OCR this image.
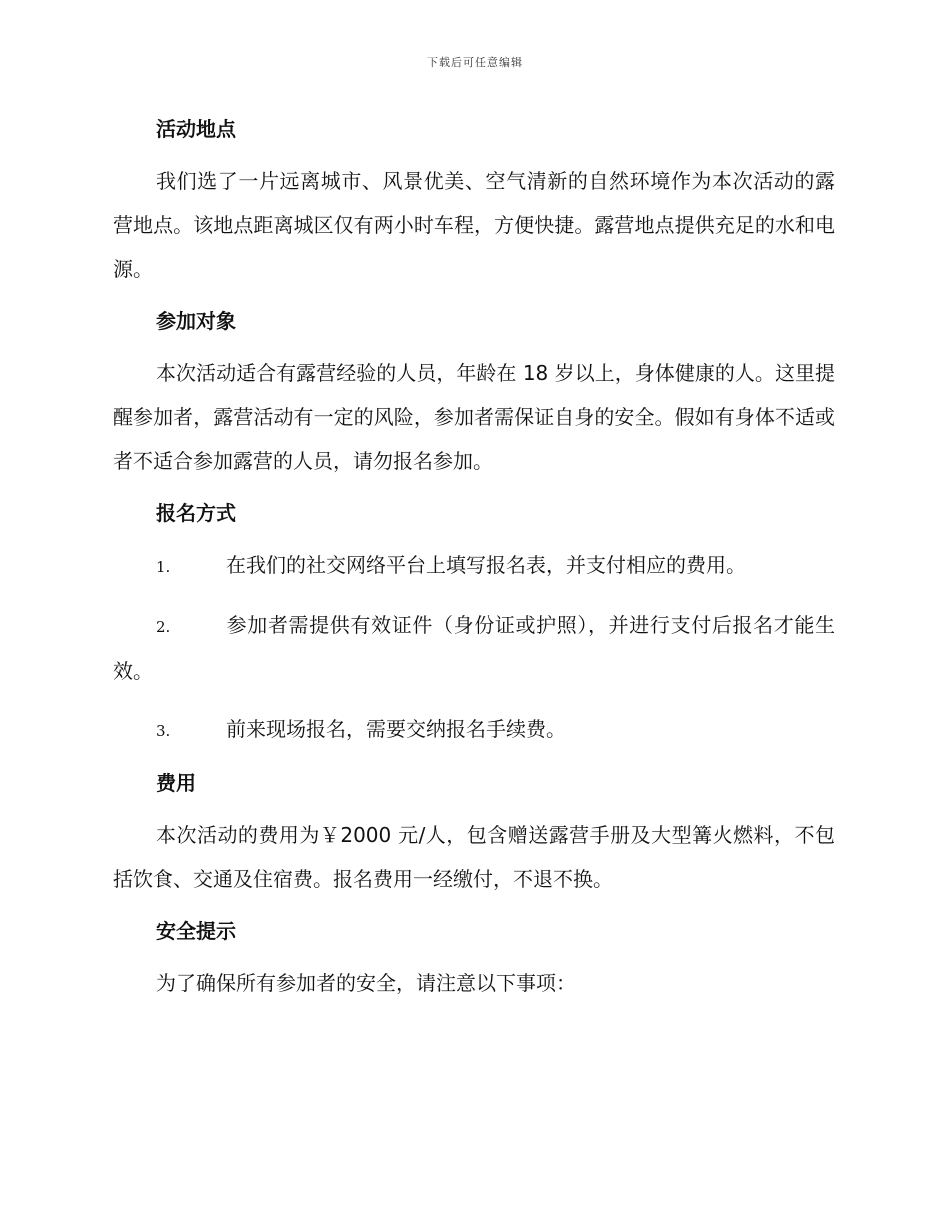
下载后可任意编辑
活动地点

我们选了一片远离城市、风景优美、空气清新的自然环境作为本次活动的露营地点。该地点距离城区仅有两小时车程，方便快捷。露营地点提供充足的水和电源。

参加对象

本次活动适合有露营经验的人员，年龄在 18 岁以上，身体健康的人。这里提醒参加者，露营活动有一定的风险，参加者需保证自身的安全。假如有身体不适或者不适合参加露营的人员，请勿报名参加。

报名方式

1.	在我们的社交网络平台上填写报名表，并支付相应的费用。

2.	参加者需提供有效证件（身份证或护照），并进行支付后报名才能生效。

3.	前来现场报名，需要交纳报名手续费。

费用

本次活动的费用为￥2000 元/人，包含赠送露营手册及大型篝火燃料，不包括饮食、交通及住宿费。报名费用一经缴付，不退不换。

安全提示

为了确保所有参加者的安全，请注意以下事项：
